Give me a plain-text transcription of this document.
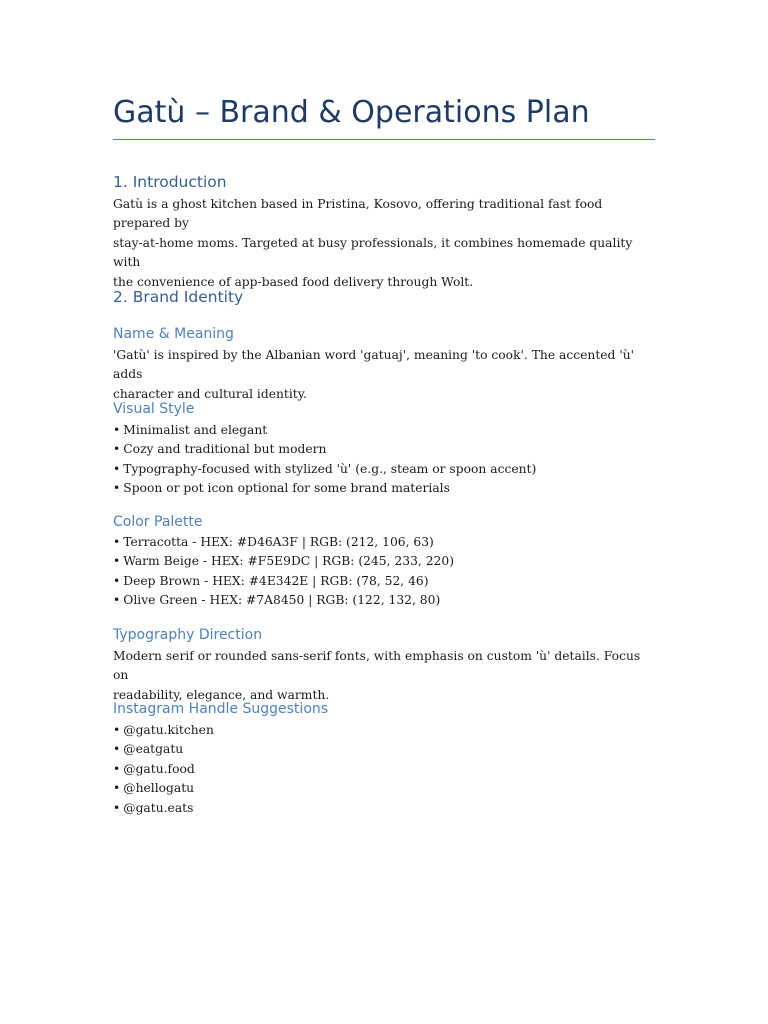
Gatù – Brand & Operations Plan
1. Introduction

Gatù is a ghost kitchen based in Pristina, Kosovo, offering traditional fast food prepared by
stay-at-home moms. Targeted at busy professionals, it combines homemade quality with
the convenience of app-based food delivery through Wolt.

2. Brand Identity
Name & Meaning

'Gatù' is inspired by the Albanian word 'gatuaj', meaning 'to cook'. The accented 'ù' adds
character and cultural identity.

Visual Style
• Minimalist and elegant
• Cozy and traditional but modern
• Typography-focused with stylized 'ù' (e.g., steam or spoon accent)
• Spoon or pot icon optional for some brand materials
Color Palette
• Terracotta - HEX: #D46A3F | RGB: (212, 106, 63)
• Warm Beige - HEX: #F5E9DC | RGB: (245, 233, 220)
• Deep Brown - HEX: #4E342E | RGB: (78, 52, 46)
• Olive Green - HEX: #7A8450 | RGB: (122, 132, 80)
Typography Direction

Modern serif or rounded sans-serif fonts, with emphasis on custom 'ù' details. Focus on
readability, elegance, and warmth.

Instagram Handle Suggestions
• @gatu.kitchen
• @eatgatu
• @gatu.food
• @hellogatu
• @gatu.eats
